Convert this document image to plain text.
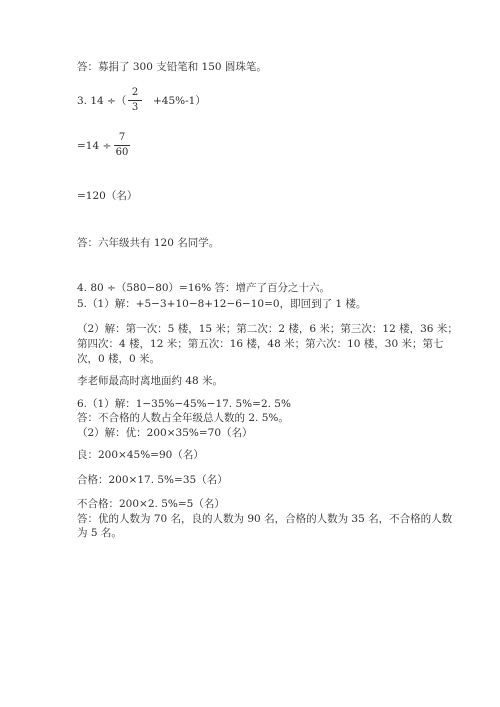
答：募捐了 300 支铅笔和 150 圆珠笔。
3. 14 ÷（
2
3
+45%-1）
=14 ÷
7
60
=120（名）
答：六年级共有 120 名同学。
4. 80 ÷（580−80）=16% 答：增产了百分之十六。
5.（1）解：+5−3+10−8+12−6−10=0，即回到了 1 楼。
（2）解：第一次：5 楼，15 米；第二次：2 楼，6 米；第三次：12 楼，36 米；
第四次：4 楼，12 米；第五次：16 楼，48 米；第六次：10 楼，30 米；第七
次，0 楼，0 米。
李老师最高时离地面约 48 米。
6.（1）解：1−35%−45%−17. 5%=2. 5%
答：不合格的人数占全年级总人数的 2. 5%。
（2）解：优：200×35%=70（名）
良：200×45%=90（名）
合格：200×17. 5%=35（名）
不合格：200×2. 5%=5（名）
答：优的人数为 70 名，良的人数为 90 名，合格的人数为 35 名，不合格的人数
为 5 名。
